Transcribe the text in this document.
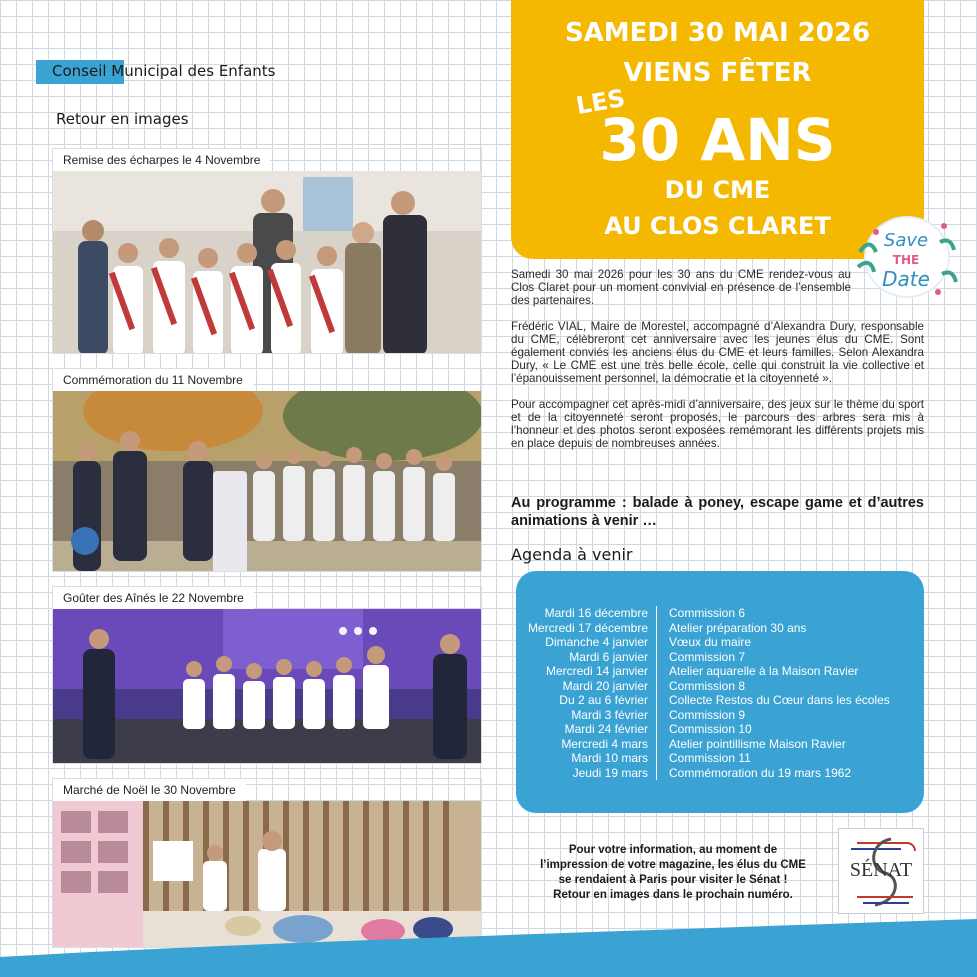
Conseil Municipal des Enfants
Retour en images
Remise des écharpes le 4 Novembre
Commémoration du 11 Novembre
Goûter des Aînés le 22 Novembre
Marché de Noël le 30 Novembre
SAMEDI 30 MAI 2026
VIENS FÊTER
LES
30 ANS
DU CME
AU CLOS CLARET
Save
THE
Date

Samedi 30 mai 2026 pour les 30 ans du CME rendez-vous au Clos Claret pour un moment convivial en présence de l’ensemble des partenaires.

Frédéric VIAL, Maire de Morestel, accompagné d’Alexandra Dury, responsable du CME, célèbreront cet anniversaire avec les jeunes élus du CME. Sont également conviés les anciens élus du CME et leurs familles. Selon Alexandra Dury, « Le CME est une très belle école, celle qui construit la vie collective et l’épanouissement personnel, la démocratie et la citoyenneté ».

Pour accompagner cet après-midi d’anniversaire, des jeux sur le thème du sport et de la citoyenneté seront proposés, le parcours des arbres sera mis à l’honneur et des photos seront exposées remémorant les différents projets mis en place depuis de nombreuses années.

Au programme : balade à poney, escape game et d’autres animations à venir …
Agenda à venir
Mardi 16 décembre	Commission 6
Mercredi 17 décembre	Atelier préparation 30 ans
Dimanche 4 janvier	Vœux du maire
Mardi 6 janvier	Commission 7
Mercredi 14 janvier	Atelier aquarelle à la Maison Ravier
Mardi 20 janvier	Commission 8
Du 2 au 6 février	Collecte Restos du Cœur dans les écoles
Mardi 3 février	Commission 9
Mardi 24 février	Commission 10
Mercredi 4 mars	Atelier pointillisme Maison Ravier
Mardi 10 mars	Commission 11
Jeudi 19 mars	Commémoration du 19 mars 1962
Pour votre information, au moment de
l’impression de votre magazine, les élus du CME
se rendaient à Paris pour visiter le Sénat !
Retour en images dans le prochain numéro.
SÉNAT
